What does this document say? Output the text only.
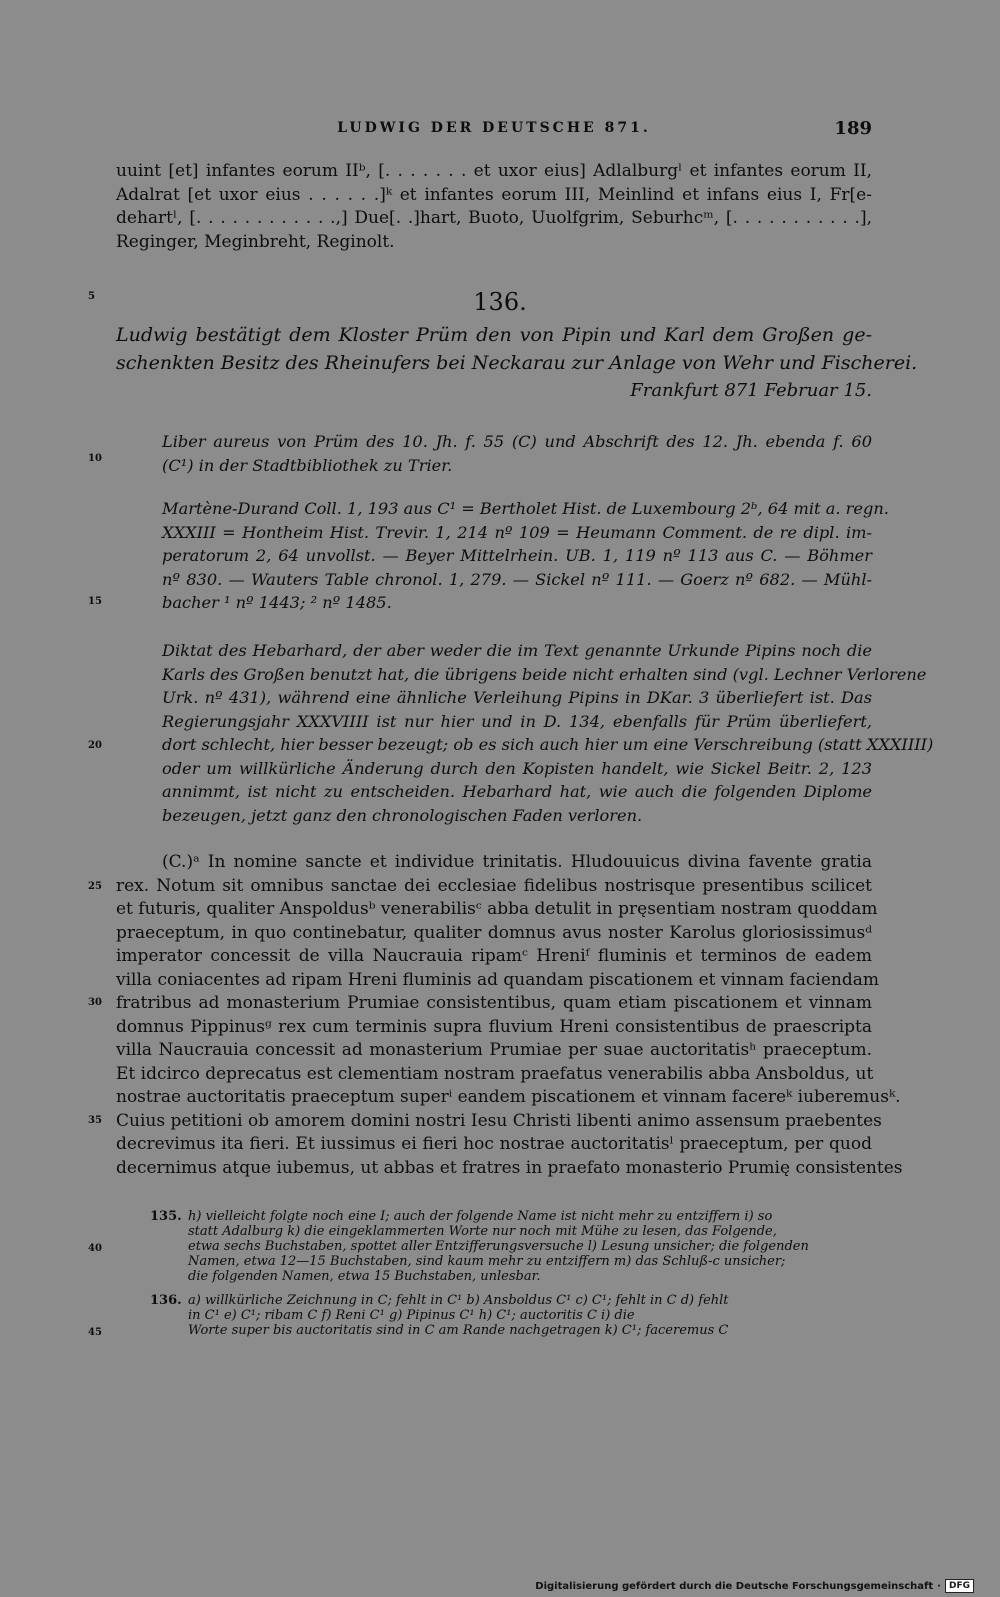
LUDWIG DER DEUTSCHE 871.	189
5
10
15
20
25
30
35
40
45
uuint [et] infantes eorum IIᵇ, [. . . . . . . et uxor eius] Adlalburgˡ et infantes eorum II,
Adalrat [et uxor eius . . . . . .]ᵏ et infantes eorum III, Meinlind et infans eius I, Fr[e-
dehartˡ, [. . . . . . . . . . . .,] Due[. .]hart, Buoto, Uuolfgrim, Seburhcᵐ, [. . . . . . . . . . .],
Reginger, Meginbreht, Reginolt.
136.
Ludwig bestätigt dem Kloster Prüm den von Pipin und Karl dem Großen ge-
schenkten Besitz des Rheinufers bei Neckarau zur Anlage von Wehr und Fischerei.
Frankfurt 871 Februar 15.
Liber aureus von Prüm des 10. Jh. f. 55 (C) und Abschrift des 12. Jh. ebenda f. 60
(C¹) in der Stadtbibliothek zu Trier.
Martène-Durand Coll. 1, 193 aus C¹ = Bertholet Hist. de Luxembourg 2ᵇ, 64 mit a. regn.
XXXIII = Hontheim Hist. Trevir. 1, 214 nº 109 = Heumann Comment. de re dipl. im-
peratorum 2, 64 unvollst. — Beyer Mittelrhein. UB. 1, 119 nº 113 aus C. — Böhmer
nº 830. — Wauters Table chronol. 1, 279. — Sickel nº 111. — Goerz nº 682. — Mühl-
bacher ¹ nº 1443; ² nº 1485.
Diktat des Hebarhard, der aber weder die im Text genannte Urkunde Pipins noch die
Karls des Großen benutzt hat, die übrigens beide nicht erhalten sind (vgl. Lechner Verlorene
Urk. nº 431), während eine ähnliche Verleihung Pipins in DKar. 3 überliefert ist. Das
Regierungsjahr XXXVIIII ist nur hier und in D. 134, ebenfalls für Prüm überliefert,
dort schlecht, hier besser bezeugt; ob es sich auch hier um eine Verschreibung (statt XXXIIII)
oder um willkürliche Änderung durch den Kopisten handelt, wie Sickel Beitr. 2, 123
annimmt, ist nicht zu entscheiden. Hebarhard hat, wie auch die folgenden Diplome
bezeugen, jetzt ganz den chronologischen Faden verloren.
(C.)ᵃ In nomine sancte et individue trinitatis. Hludouuicus divina favente gratia
rex. Notum sit omnibus sanctae dei ecclesiae fidelibus nostrisque presentibus scilicet
et futuris, qualiter Anspoldusᵇ venerabilisᶜ abba detulit in pręsentiam nostram quoddam
praeceptum, in quo continebatur, qualiter domnus avus noster Karolus gloriosissimusᵈ
imperator concessit de villa Naucrauia ripamᶜ Hreniᶠ fluminis et terminos de eadem
villa coniacentes ad ripam Hreni fluminis ad quandam piscationem et vinnam faciendam
fratribus ad monasterium Prumiae consistentibus, quam etiam piscationem et vinnam
domnus Pippinusᵍ rex cum terminis supra fluvium Hreni consistentibus de praescripta
villa Naucrauia concessit ad monasterium Prumiae per suae auctoritatisʰ praeceptum.
Et idcirco deprecatus est clementiam nostram praefatus venerabilis abba Ansboldus, ut
nostrae auctoritatis praeceptum superⁱ eandem piscationem et vinnam facereᵏ iuberemusᵏ.
Cuius petitioni ob amorem domini nostri Iesu Christi libenti animo assensum praebentes
decrevimus ita fieri. Et iussimus ei fieri hoc nostrae auctoritatisˡ praeceptum, per quod
decernimus atque iubemus, ut abbas et fratres in praefato monasterio Prumię consistentes
135. h) vielleicht folgte noch eine I; auch der folgende Name ist nicht mehr zu entziffern i) so
statt Adalburg k) die eingeklammerten Worte nur noch mit Mühe zu lesen, das Folgende,
etwa sechs Buchstaben, spottet aller Entzifferungsversuche l) Lesung unsicher; die folgenden
Namen, etwa 12—15 Buchstaben, sind kaum mehr zu entziffern m) das Schluß-c unsicher;
die folgenden Namen, etwa 15 Buchstaben, unlesbar.
136. a) willkürliche Zeichnung in C; fehlt in C¹ b) Ansboldus C¹ c) C¹; fehlt in C d) fehlt
in C¹ e) C¹; ribam C f) Reni C¹ g) Pipinus C¹ h) C¹; auctoritis C i) die
Worte super bis auctoritatis sind in C am Rande nachgetragen k) C¹; faceremus C
Digitalisierung gefördert durch die Deutsche Forschungsgemeinschaft · DFG
